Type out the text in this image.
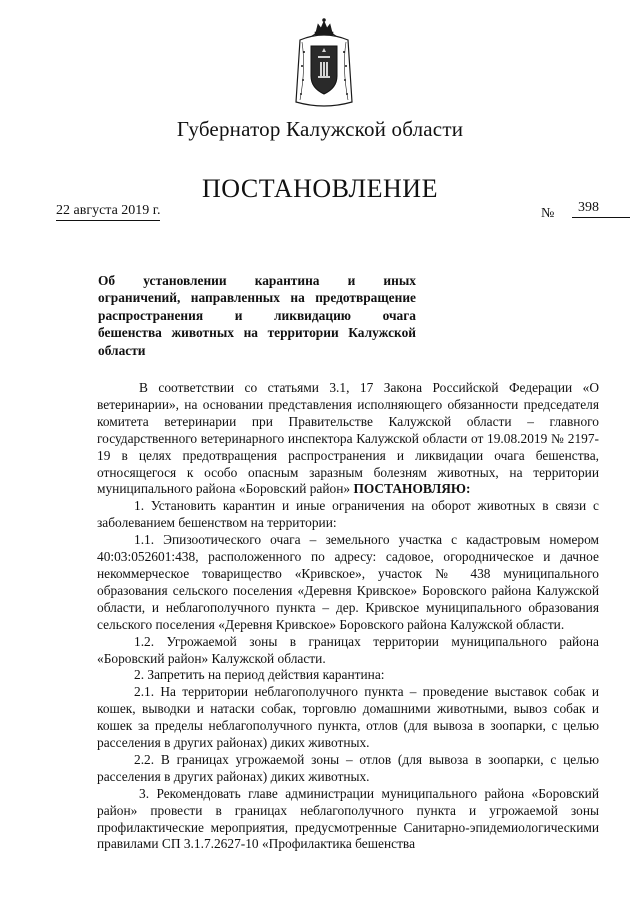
Губернатор Калужской области
ПОСТАНОВЛЕНИЕ
22 августа 2019 г.	№	398
Об установлении карантина и иных
ограничений, направленных на предотвращение
распространения и ликвидацию очага
бешенства животных на территории Калужской
области

В соответствии со статьями 3.1, 17 Закона Российской Федерации «О ветеринарии», на основании представления исполняющего обязанности председателя комитета ветеринарии при Правительстве Калужской области – главного государственного ветеринарного инспектора Калужской области от 19.08.2019 № 2197-19 в целях предотвращения распространения и ликвидации очага бешенства, относящегося к особо опасным заразным болезням животных, на территории муниципального района «Боровский район» ПОСТАНОВЛЯЮ:

1. Установить карантин и иные ограничения на оборот животных в связи с заболеванием бешенством на территории:

1.1. Эпизоотического очага – земельного участка с кадастровым номером 40:03:052601:438, расположенного по адресу: садовое, огородническое и дачное некоммерческое товарищество «Кривское», участок № 438 муниципального образования сельского поселения «Деревня Кривское» Боровского района Калужской области, и неблагополучного пункта – дер. Кривское муниципального образования сельского поселения «Деревня Кривское» Боровского района Калужской области.

1.2. Угрожаемой зоны в границах территории муниципального района «Боровский район» Калужской области.

2. Запретить на период действия карантина:

2.1. На территории неблагополучного пункта – проведение выставок собак и кошек, выводки и натаски собак, торговлю домашними животными, вывоз собак и кошек за пределы неблагополучного пункта, отлов (для вывоза в зоопарки, с целью расселения в других районах) диких животных.

2.2. В границах угрожаемой зоны – отлов (для вывоза в зоопарки, с целью расселения в других районах) диких животных.

3. Рекомендовать главе администрации муниципального района «Боровский район» провести в границах неблагополучного пункта и угрожаемой зоны профилактические мероприятия, предусмотренные Санитарно-эпидемиологическими правилами СП 3.1.7.2627-10 «Профилактика бешенства
